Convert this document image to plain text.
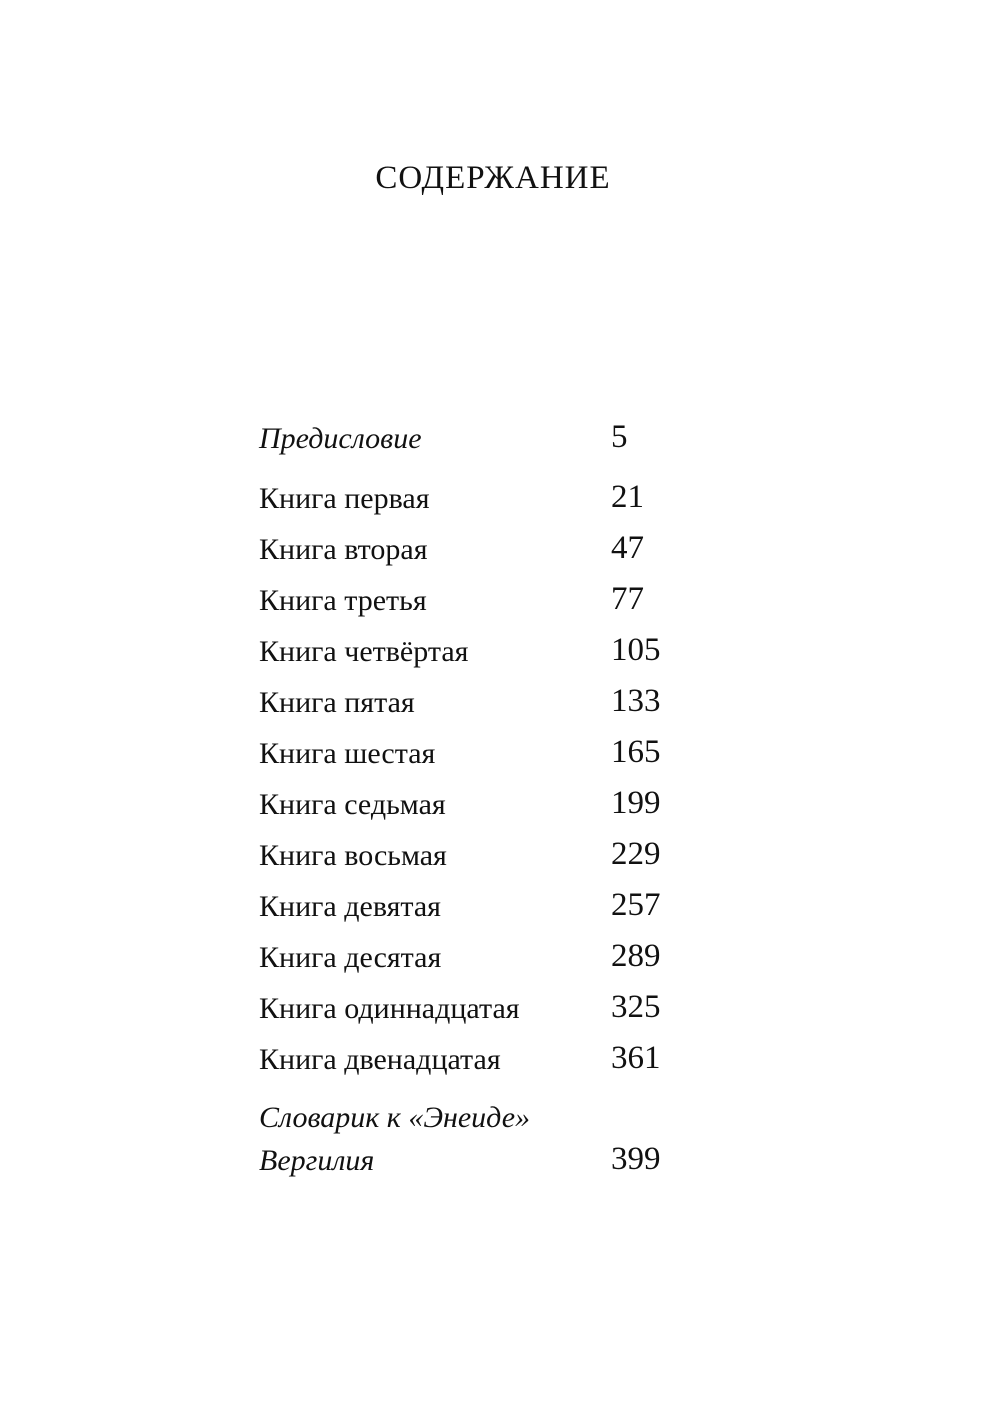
СОДЕРЖАНИЕ
Предисловие	5
Книга первая	21
Книга вторая	47
Книга третья	77
Книга четвёртая	105
Книга пятая	133
Книга шестая	165
Книга седьмая	199
Книга восьмая	229
Книга девятая	257
Книга десятая	289
Книга одиннадцатая	325
Книга двенадцатая	361
Словарик к «Энеиде»
Вергилия	399
